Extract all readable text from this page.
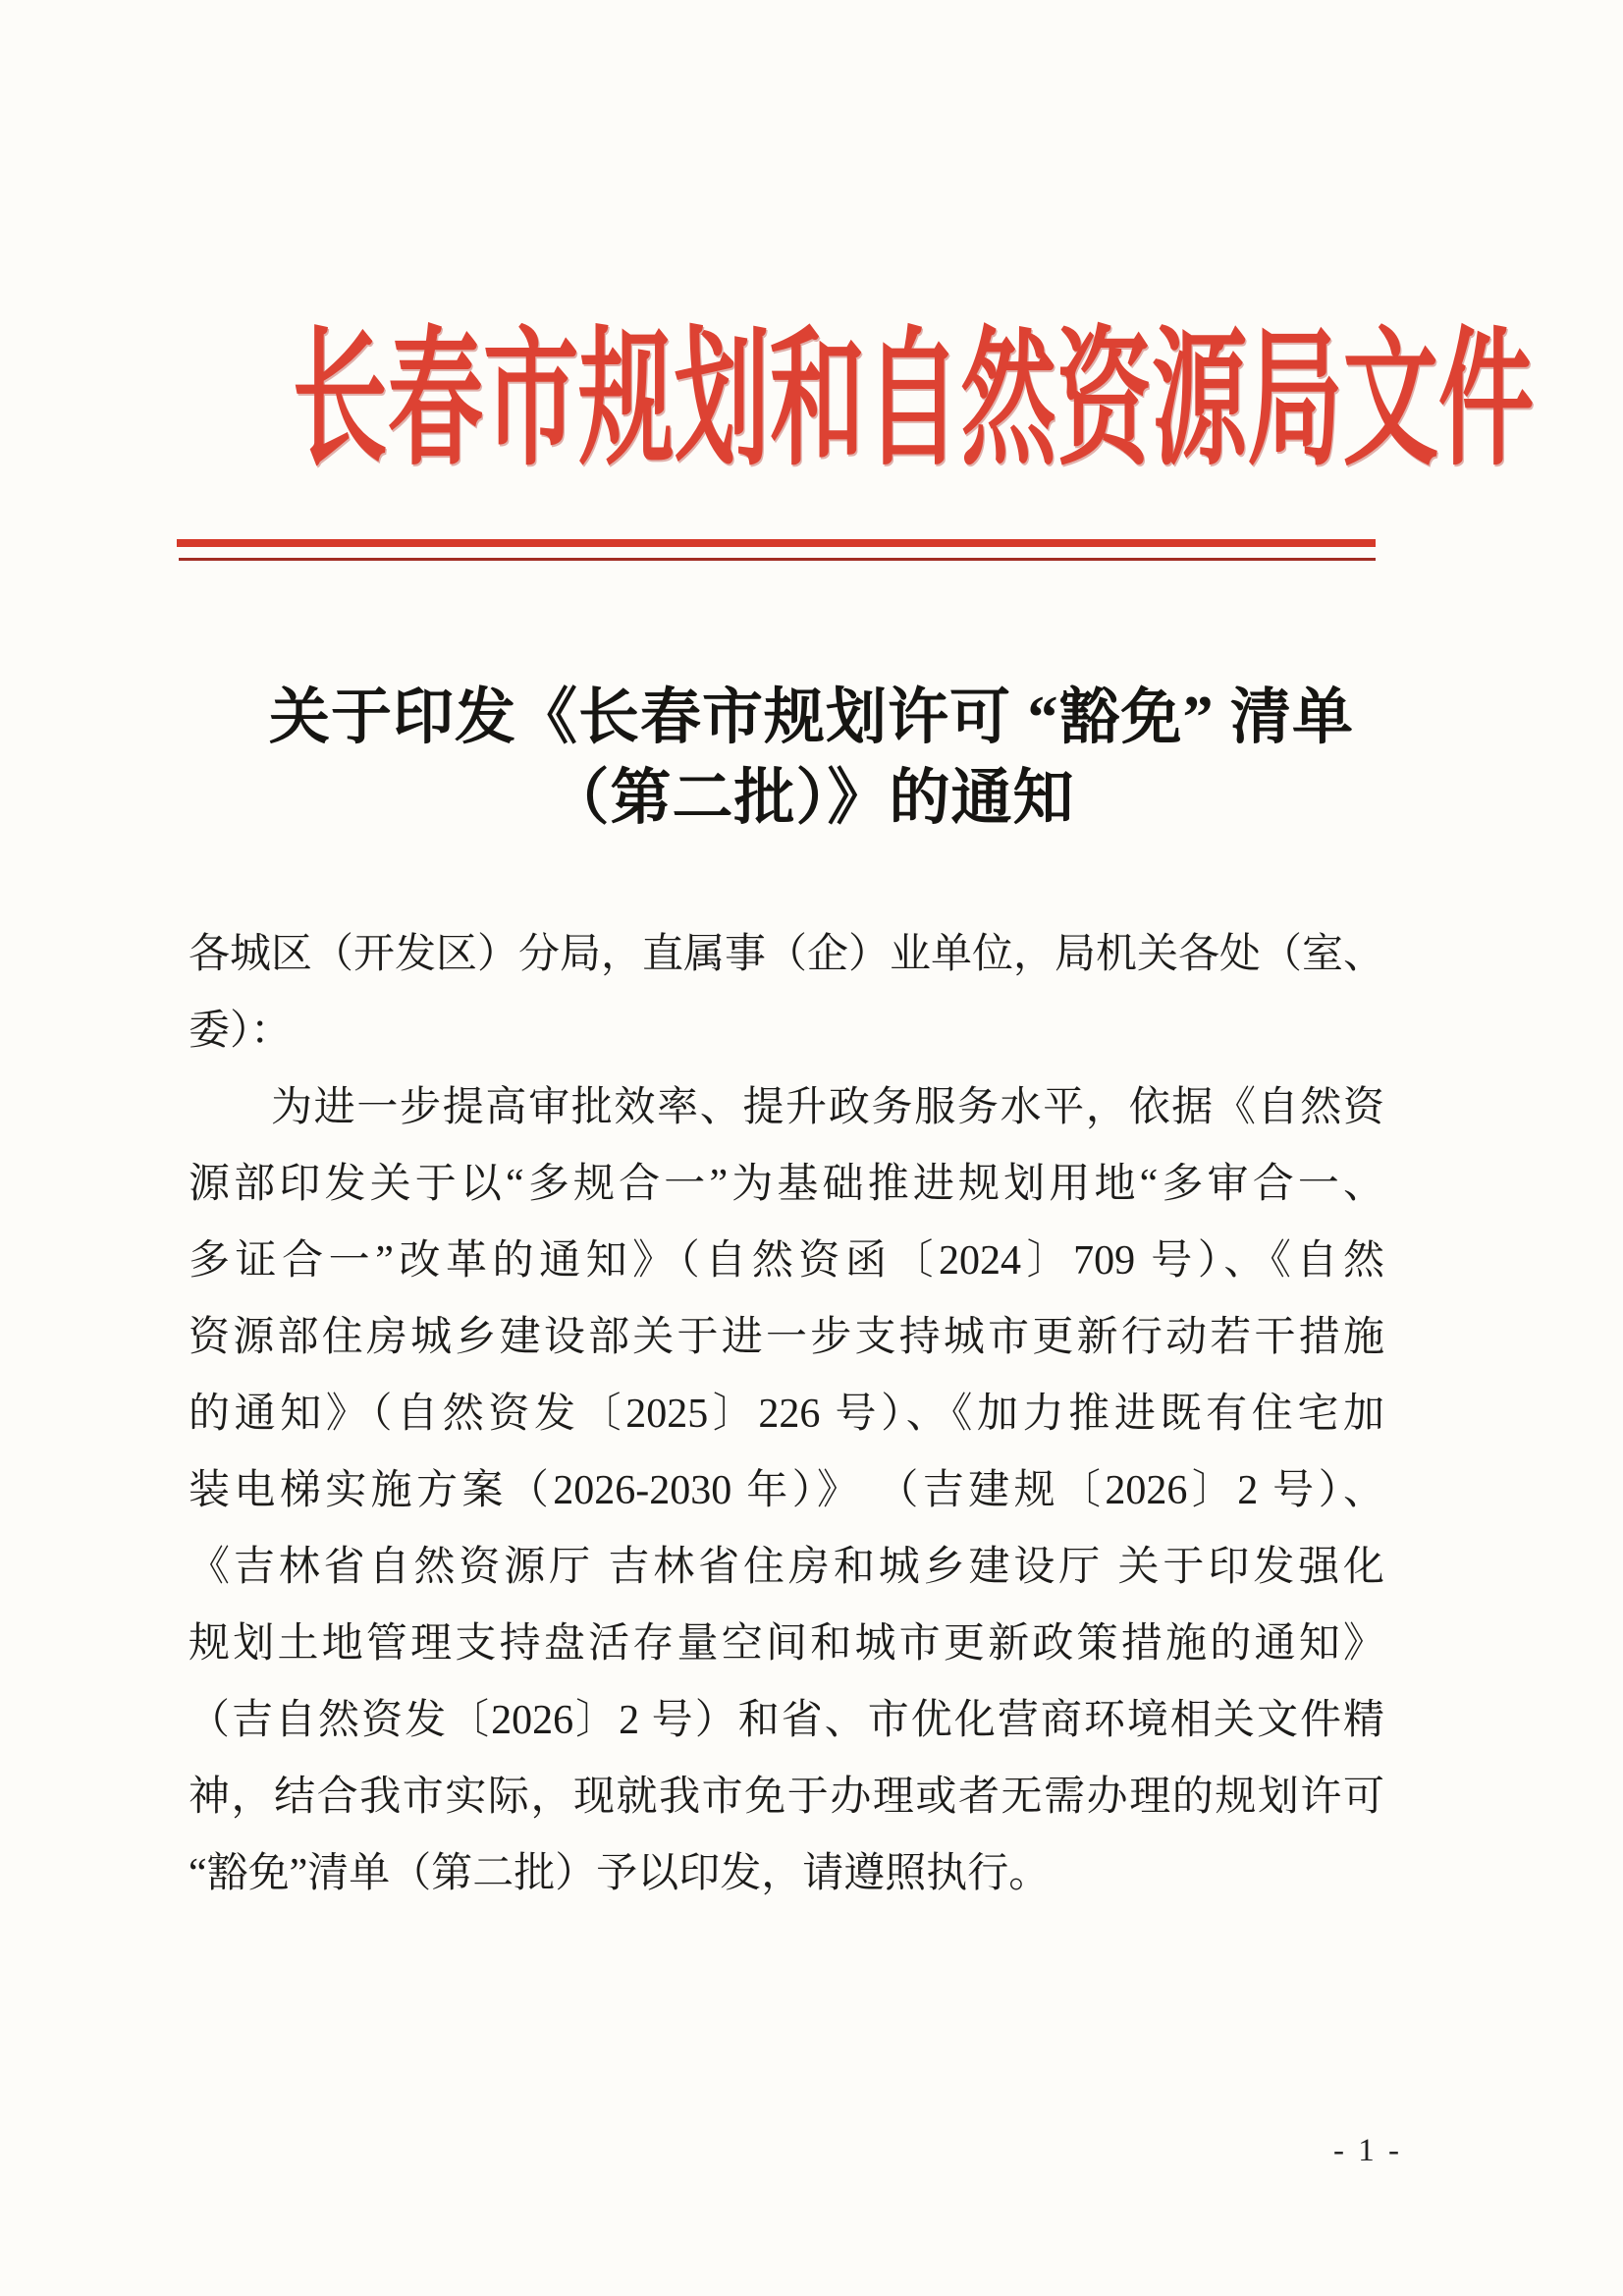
长春市规划和自然资源局文件
关于印发《长春市规划许可 “豁免” 清单
（第二批）》的通知
各城区（开发区）分局，直属事（企）业单位，局机关各处（室、
委）：
为进一步提高审批效率、提升政务服务水平，依据《自然资
源部印发关于以“多规合一”为基础推进规划用地“多审合一、
多证合一”改革的通知》（自然资函〔2024〕709 号）、《自然
资源部住房城乡建设部关于进一步支持城市更新行动若干措施
的通知》（自然资发〔2025〕226 号）、《加力推进既有住宅加
装电梯实施方案（2026-2030 年）》 （吉建规〔2026〕2 号）、
《吉林省自然资源厅 吉林省住房和城乡建设厅 关于印发强化
规划土地管理支持盘活存量空间和城市更新政策措施的通知》
（吉自然资发〔2026〕2 号）和省、市优化营商环境相关文件精
神，结合我市实际，现就我市免于办理或者无需办理的规划许可
“豁免”清单（第二批）予以印发，请遵照执行。
- 1 -
